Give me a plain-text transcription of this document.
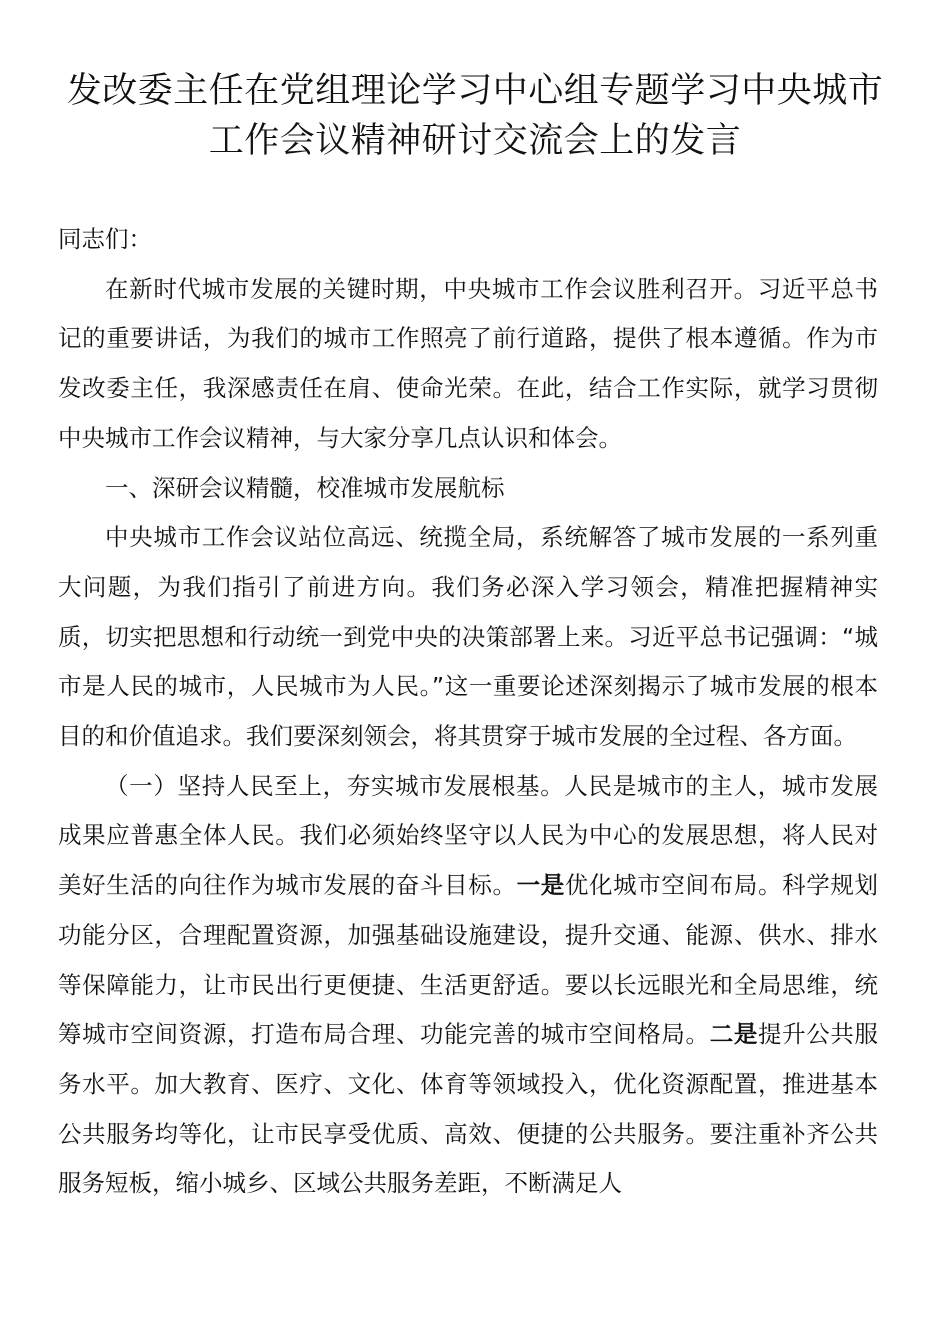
发改委主任在党组理论学习中心组专题学习中央城市
工作会议精神研讨交流会上的发言

同志们：

在新时代城市发展的关键时期，中央城市工作会议胜利召开。习近平总书记的重要讲话，为我们的城市工作照亮了前行道路，提供了根本遵循。作为市发改委主任，我深感责任在肩、使命光荣。在此，结合工作实际，就学习贯彻中央城市工作会议精神，与大家分享几点认识和体会。

一、深研会议精髓，校准城市发展航标

中央城市工作会议站位高远、统揽全局，系统解答了城市发展的一系列重大问题，为我们指引了前进方向。我们务必深入学习领会，精准把握精神实质，切实把思想和行动统一到党中央的决策部署上来。习近平总书记强调：“城市是人民的城市，人民城市为人民。”这一重要论述深刻揭示了城市发展的根本目的和价值追求。我们要深刻领会，将其贯穿于城市发展的全过程、各方面。

（一）坚持人民至上，夯实城市发展根基。人民是城市的主人，城市发展成果应普惠全体人民。我们必须始终坚守以人民为中心的发展思想，将人民对美好生活的向往作为城市发展的奋斗目标。一是优化城市空间布局。科学规划功能分区，合理配置资源，加强基础设施建设，提升交通、能源、供水、排水等保障能力，让市民出行更便捷、生活更舒适。要以长远眼光和全局思维，统筹城市空间资源，打造布局合理、功能完善的城市空间格局。二是提升公共服务水平。加大教育、医疗、文化、体育等领域投入，优化资源配置，推进基本公共服务均等化，让市民享受优质、高效、便捷的公共服务。要注重补齐公共服务短板，缩小城乡、区域公共服务差距，不断满足人
